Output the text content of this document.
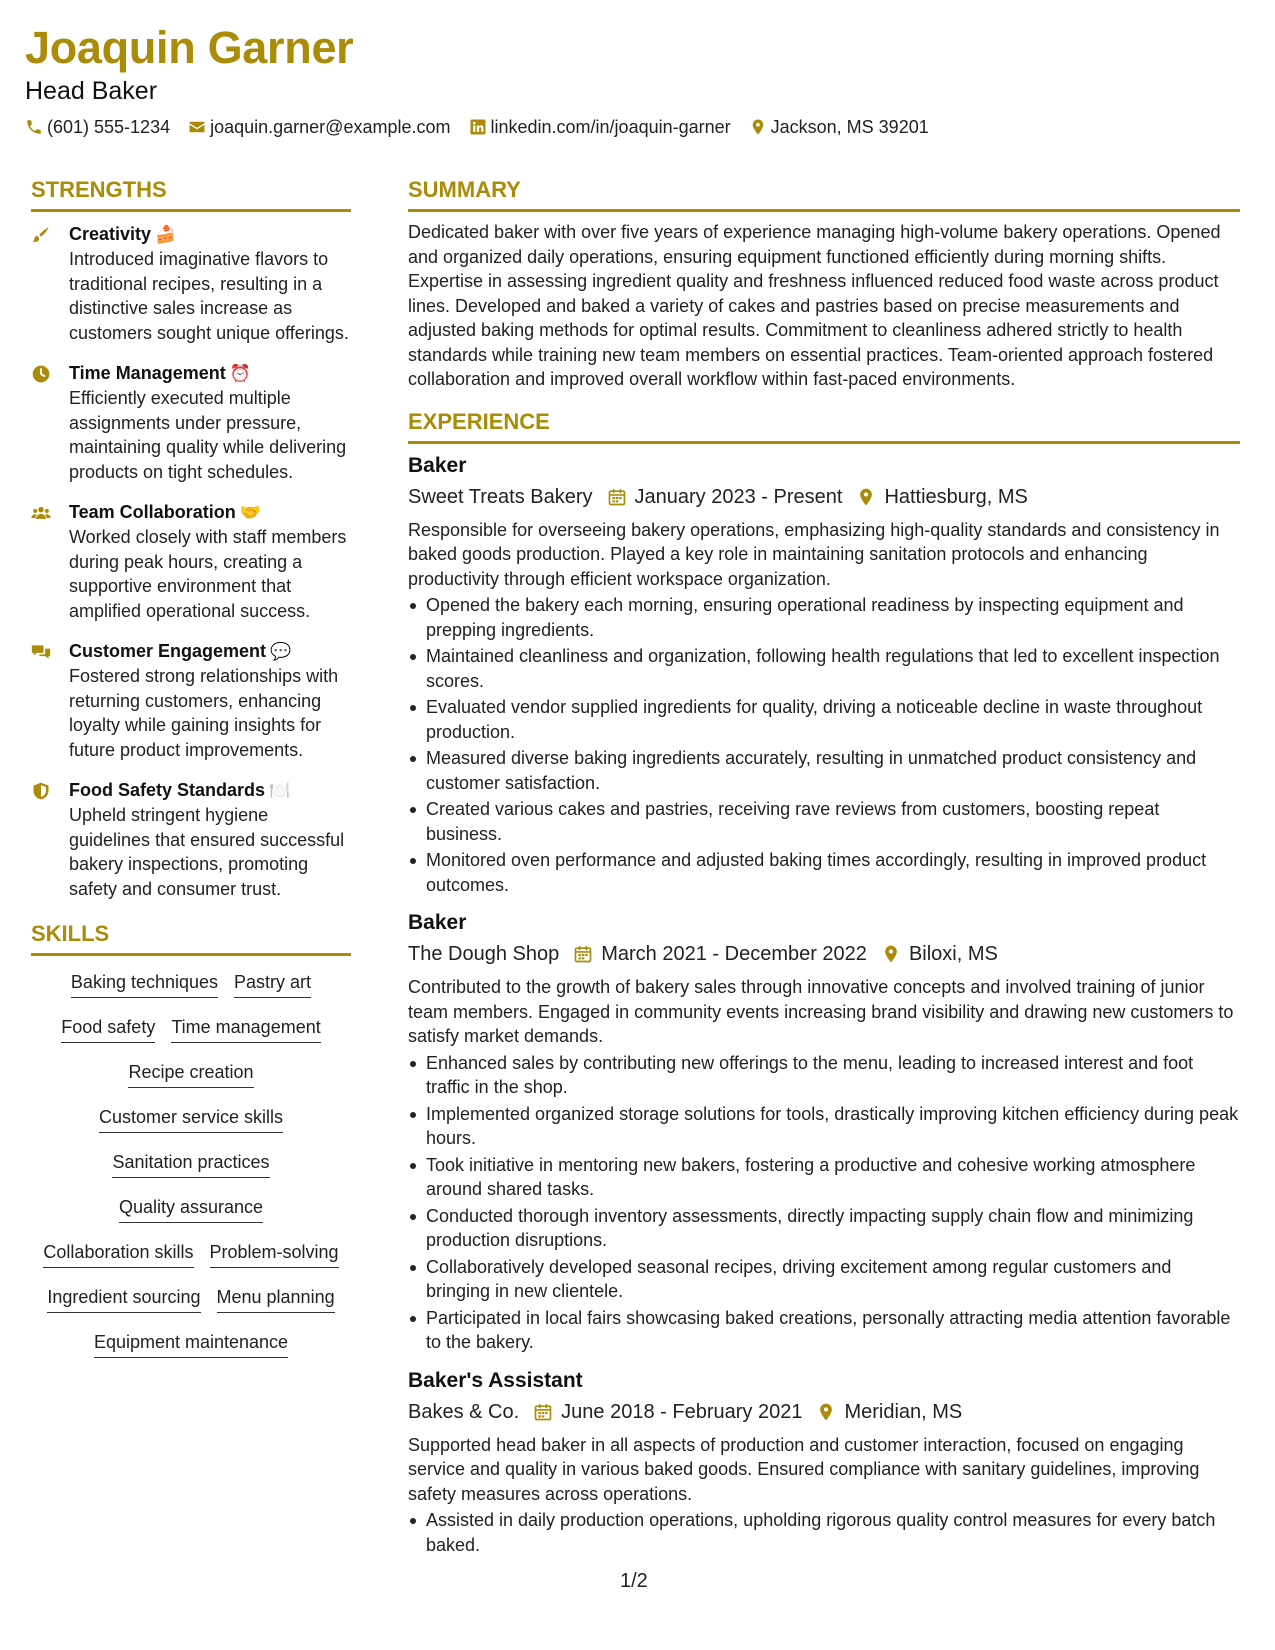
Joaquin Garner
Head Baker
(601) 555-1234 joaquin.garner@example.com linkedin.com/in/joaquin-garner Jackson, MS 39201
STRENGTHS
Creativity 🍰
Introduced imaginative flavors to traditional recipes, resulting in a distinctive sales increase as customers sought unique offerings.
Time Management ⏰
Efficiently executed multiple assignments under pressure, maintaining quality while delivering products on tight schedules.
Team Collaboration 🤝
Worked closely with staff members during peak hours, creating a supportive environment that amplified operational success.
Customer Engagement 💬
Fostered strong relationships with returning customers, enhancing loyalty while gaining insights for future product improvements.
Food Safety Standards 🍽️
Upheld stringent hygiene guidelines that ensured successful bakery inspections, promoting safety and consumer trust.
SKILLS
Baking techniques Pastry art
Food safety Time management
Recipe creation
Customer service skills
Sanitation practices
Quality assurance
Collaboration skills Problem-solving
Ingredient sourcing Menu planning
Equipment maintenance
SUMMARY
Dedicated baker with over five years of experience managing high-volume bakery operations. Opened and organized daily operations, ensuring equipment functioned efficiently during morning shifts. Expertise in assessing ingredient quality and freshness influenced reduced food waste across product lines. Developed and baked a variety of cakes and pastries based on precise measurements and adjusted baking methods for optimal results. Commitment to cleanliness adhered strictly to health standards while training new team members on essential practices. Team-oriented approach fostered collaboration and improved overall workflow within fast-paced environments.
EXPERIENCE
Baker
Sweet Treats Bakery January 2023 - Present Hattiesburg, MS
Responsible for overseeing bakery operations, emphasizing high-quality standards and consistency in baked goods production. Played a key role in maintaining sanitation protocols and enhancing productivity through efficient workspace organization.
Opened the bakery each morning, ensuring operational readiness by inspecting equipment and prepping ingredients.
Maintained cleanliness and organization, following health regulations that led to excellent inspection scores.
Evaluated vendor supplied ingredients for quality, driving a noticeable decline in waste throughout production.
Measured diverse baking ingredients accurately, resulting in unmatched product consistency and customer satisfaction.
Created various cakes and pastries, receiving rave reviews from customers, boosting repeat business.
Monitored oven performance and adjusted baking times accordingly, resulting in improved product outcomes.
Baker
The Dough Shop March 2021 - December 2022 Biloxi, MS
Contributed to the growth of bakery sales through innovative concepts and involved training of junior team members. Engaged in community events increasing brand visibility and drawing new customers to satisfy market demands.
Enhanced sales by contributing new offerings to the menu, leading to increased interest and foot traffic in the shop.
Implemented organized storage solutions for tools, drastically improving kitchen efficiency during peak hours.
Took initiative in mentoring new bakers, fostering a productive and cohesive working atmosphere around shared tasks.
Conducted thorough inventory assessments, directly impacting supply chain flow and minimizing production disruptions.
Collaboratively developed seasonal recipes, driving excitement among regular customers and bringing in new clientele.
Participated in local fairs showcasing baked creations, personally attracting media attention favorable to the bakery.
Baker's Assistant
Bakes & Co. June 2018 - February 2021 Meridian, MS
Supported head baker in all aspects of production and customer interaction, focused on engaging service and quality in various baked goods. Ensured compliance with sanitary guidelines, improving safety measures across operations.
Assisted in daily production operations, upholding rigorous quality control measures for every batch baked.
1/2
